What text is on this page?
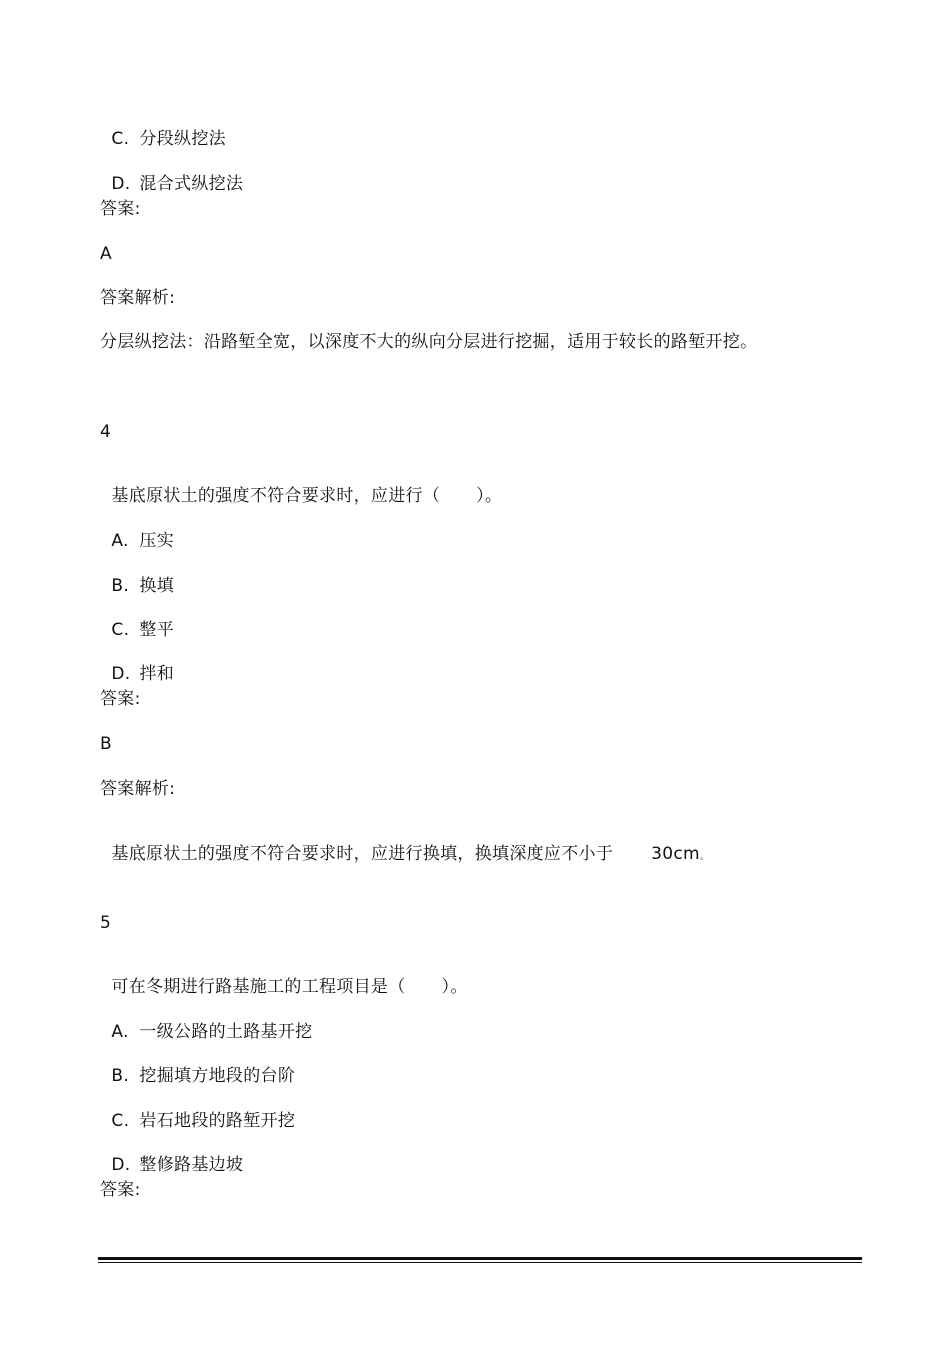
C. 分段纵挖法

D. 混合式纵挖法

答案:
A
答案解析:
分层纵挖法：沿路堑全宽，以深度不大的纵向分层进行挖掘，适用于较长的路堑开挖。
4

基底原状土的强度不符合要求时，应进行（ ）。

A. 压实

B. 换填

C. 整平

D. 拌和

答案:
B
答案解析:

基底原状土的强度不符合要求时，应进行换填，换填深度应不小于 30cm。

5

可在冬期进行路基施工的工程项目是（ ）。

A. 一级公路的土路基开挖

B. 挖掘填方地段的台阶

C. 岩石地段的路堑开挖

D. 整修路基边坡

答案:
